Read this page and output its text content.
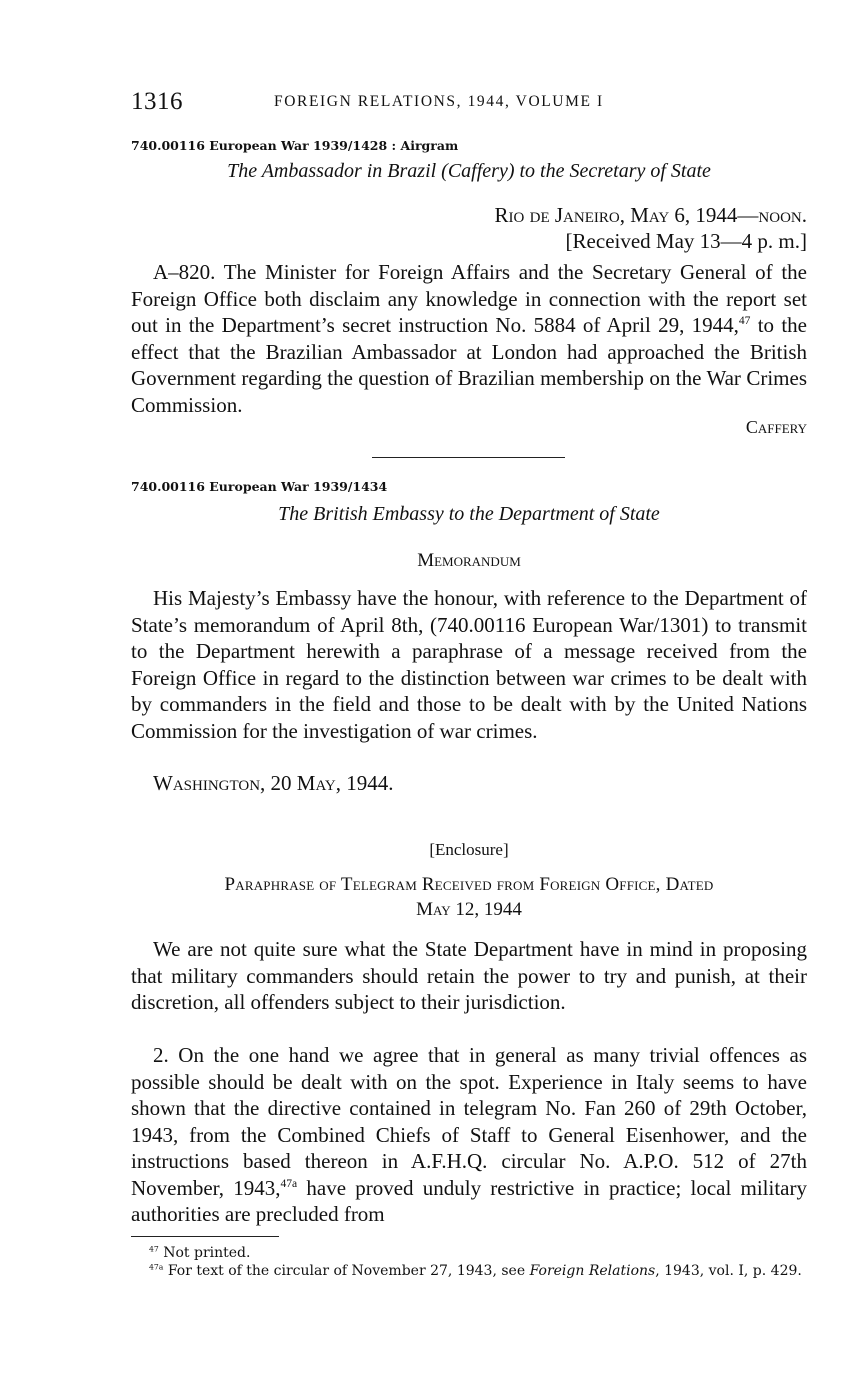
1316	FOREIGN RELATIONS, 1944, VOLUME I
740.00116 European War 1939/1428 : Airgram
The Ambassador in Brazil (Caffery) to the Secretary of State
Rio de Janeiro, May 6, 1944—noon.
[Received May 13—4 p. m.]
A–820. The Minister for Foreign Affairs and the Secretary General of the Foreign Office both disclaim any knowledge in connection with the report set out in the Department’s secret instruction No. 5884 of April 29, 1944,47 to the effect that the Brazilian Ambassador at London had approached the British Government regarding the question of Brazilian membership on the War Crimes Commission.
Caffery
740.00116 European War 1939/1434
The British Embassy to the Department of State
Memorandum
His Majesty’s Embassy have the honour, with reference to the Department of State’s memorandum of April 8th, (740.00116 European War/1301) to transmit to the Department herewith a paraphrase of a message received from the Foreign Office in regard to the distinction between war crimes to be dealt with by commanders in the field and those to be dealt with by the United Nations Commission for the investigation of war crimes.
Washington, 20 May, 1944.
[Enclosure]
Paraphrase of Telegram Received from Foreign Office, Dated
May 12, 1944
We are not quite sure what the State Department have in mind in proposing that military commanders should retain the power to try and punish, at their discretion, all offenders subject to their jurisdiction.
2. On the one hand we agree that in general as many trivial offences as possible should be dealt with on the spot. Experience in Italy seems to have shown that the directive contained in telegram No. Fan 260 of 29th October, 1943, from the Combined Chiefs of Staff to General Eisenhower, and the instructions based thereon in A.F.H.Q. circular No. A.P.O. 512 of 27th November, 1943,$^{47a}$ have proved unduly restrictive in practice; local military authorities are precluded from
$^{47}$ Not printed.
$^{47a}$ For text of the circular of November 27, 1943, see Foreign Relations, 1943, vol. I, p. 429.
